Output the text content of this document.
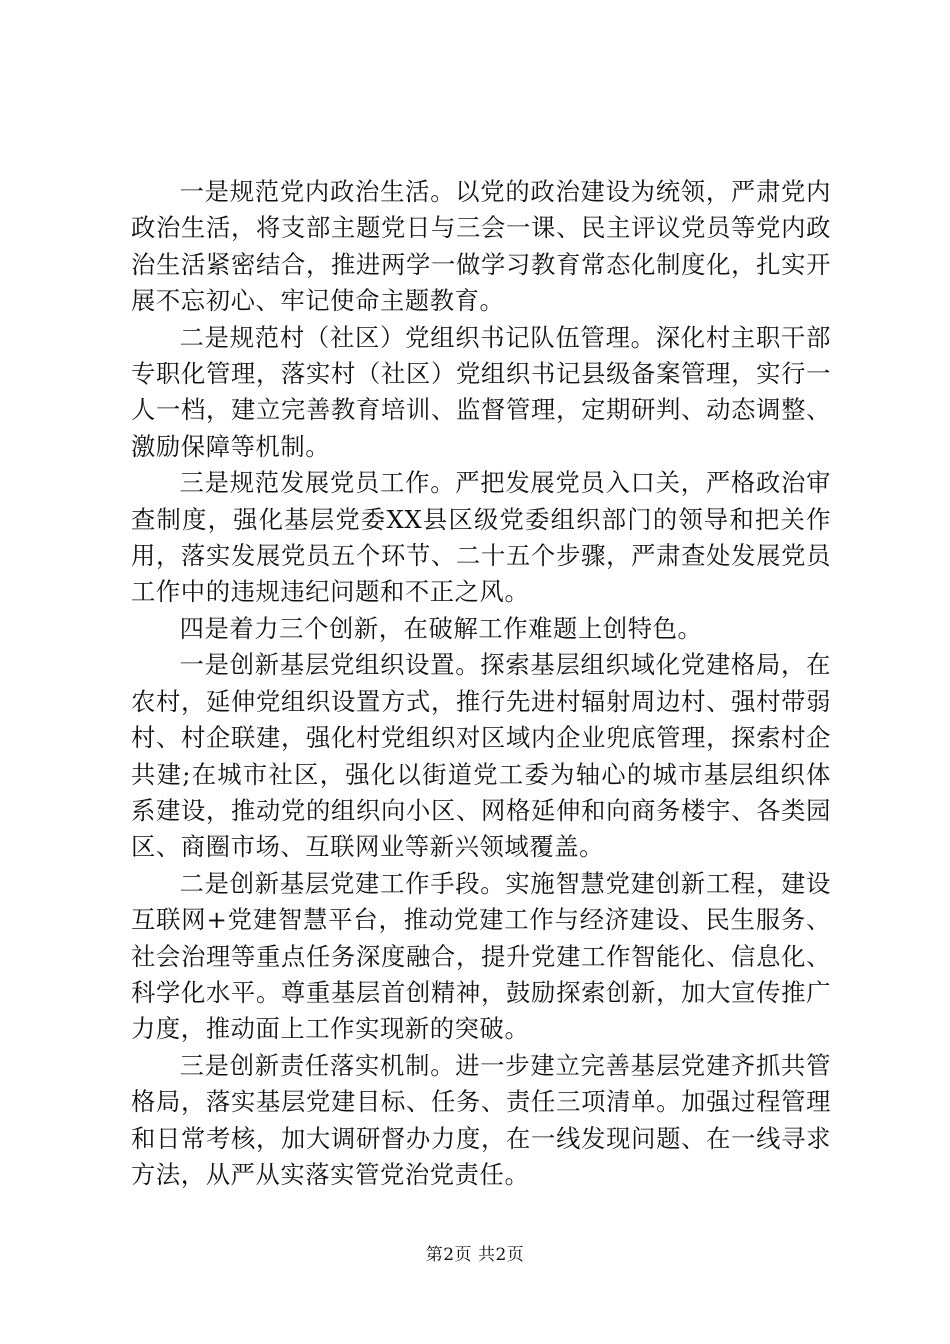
一是规范党内政治生活。以党的政治建设为统领，严肃党内政治生活，将支部主题党日与三会一课、民主评议党员等党内政治生活紧密结合，推进两学一做学习教育常态化制度化，扎实开展不忘初心、牢记使命主题教育。

二是规范村（社区）党组织书记队伍管理。深化村主职干部专职化管理，落实村（社区）党组织书记县级备案管理，实行一人一档，建立完善教育培训、监督管理，定期研判、动态调整、激励保障等机制。

三是规范发展党员工作。严把发展党员入口关，严格政治审查制度，强化基层党委XX县区级党委组织部门的领导和把关作用，落实发展党员五个环节、二十五个步骤，严肃查处发展党员工作中的违规违纪问题和不正之风。

四是着力三个创新，在破解工作难题上创特色。

一是创新基层党组织设置。探索基层组织域化党建格局，在农村，延伸党组织设置方式，推行先进村辐射周边村、强村带弱村、村企联建，强化村党组织对区域内企业兜底管理，探索村企共建;在城市社区，强化以街道党工委为轴心的城市基层组织体系建设，推动党的组织向小区、网格延伸和向商务楼宇、各类园区、商圈市场、互联网业等新兴领域覆盖。

二是创新基层党建工作手段。实施智慧党建创新工程，建设互联网+党建智慧平台，推动党建工作与经济建设、民生服务、社会治理等重点任务深度融合，提升党建工作智能化、信息化、科学化水平。尊重基层首创精神，鼓励探索创新，加大宣传推广力度，推动面上工作实现新的突破。

三是创新责任落实机制。进一步建立完善基层党建齐抓共管格局，落实基层党建目标、任务、责任三项清单。加强过程管理和日常考核，加大调研督办力度，在一线发现问题、在一线寻求方法，从严从实落实管党治党责任。

第2页 共2页
